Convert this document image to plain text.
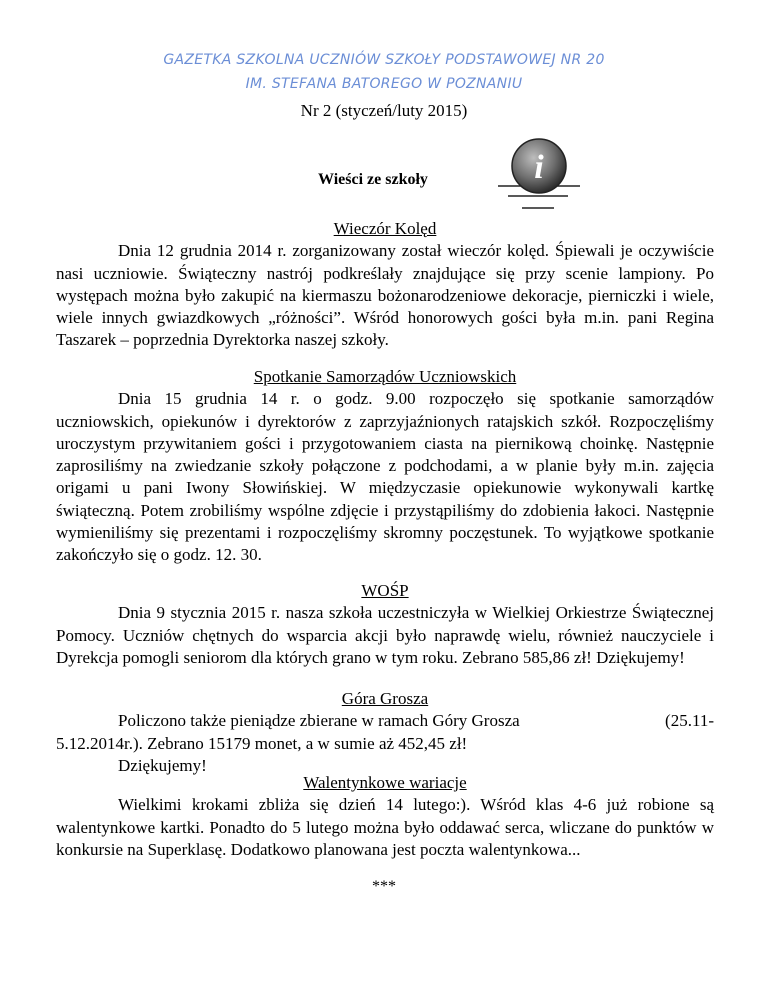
GAZETKA SZKOLNA UCZNIÓW SZKOŁY PODSTAWOWEJ NR 20
IM. STEFANA BATOREGO W POZNANIU
Nr 2 (styczeń/luty 2015)
Wieści ze szkoły	i
Wieczór Kolęd

Dnia 12 grudnia 2014 r. zorganizowany został wieczór kolęd. Śpiewali je oczywiście nasi uczniowie. Świąteczny nastrój podkreślały znajdujące się przy scenie lampiony. Po występach można było zakupić na kiermaszu bożonarodzeniowe dekoracje, pierniczki i wiele, wiele innych gwiazdkowych „różności”. Wśród honorowych gości była m.in. pani Regina Taszarek – poprzednia Dyrektorka naszej szkoły.

Spotkanie Samorządów Uczniowskich

Dnia 15 grudnia 14 r. o godz. 9.00 rozpoczęło się spotkanie samorządów uczniowskich, opiekunów i dyrektorów z zaprzyjaźnionych ratajskich szkół. Rozpoczęliśmy uroczystym przywitaniem gości i przygotowaniem ciasta na piernikową choinkę. Następnie zaprosiliśmy na zwiedzanie szkoły połączone z podchodami, a w planie były m.in. zajęcia origami u pani Iwony Słowińskiej. W międzyczasie opiekunowie wykonywali kartkę świąteczną. Potem zrobiliśmy wspólne zdjęcie i przystąpiliśmy do zdobienia łakoci. Następnie wymieniliśmy się prezentami i rozpoczęliśmy skromny poczęstunek. To wyjątkowe spotkanie zakończyło się o godz. 12. 30.

WOŚP

Dnia 9 stycznia 2015 r. nasza szkoła uczestniczyła w Wielkiej Orkiestrze Świątecznej Pomocy. Uczniów chętnych do wsparcia akcji było naprawdę wielu, również nauczyciele i Dyrekcja pomogli seniorom dla których grano w tym roku. Zebrano 585,86 zł! Dziękujemy!

Góra Grosza
Policzono także pieniądze zbierane w ramach Góry Grosza	(25.11-
5.12.2014r.). Zebrano 15179 monet, a w sumie aż 452,45 zł!
Dziękujemy!
Walentynkowe wariacje

Wielkimi krokami zbliża się dzień 14 lutego:). Wśród klas 4-6 już robione są walentynkowe kartki. Ponadto do 5 lutego można było oddawać serca, wliczane do punktów w konkursie na Superklasę. Dodatkowo planowana jest poczta walentynkowa...

***
